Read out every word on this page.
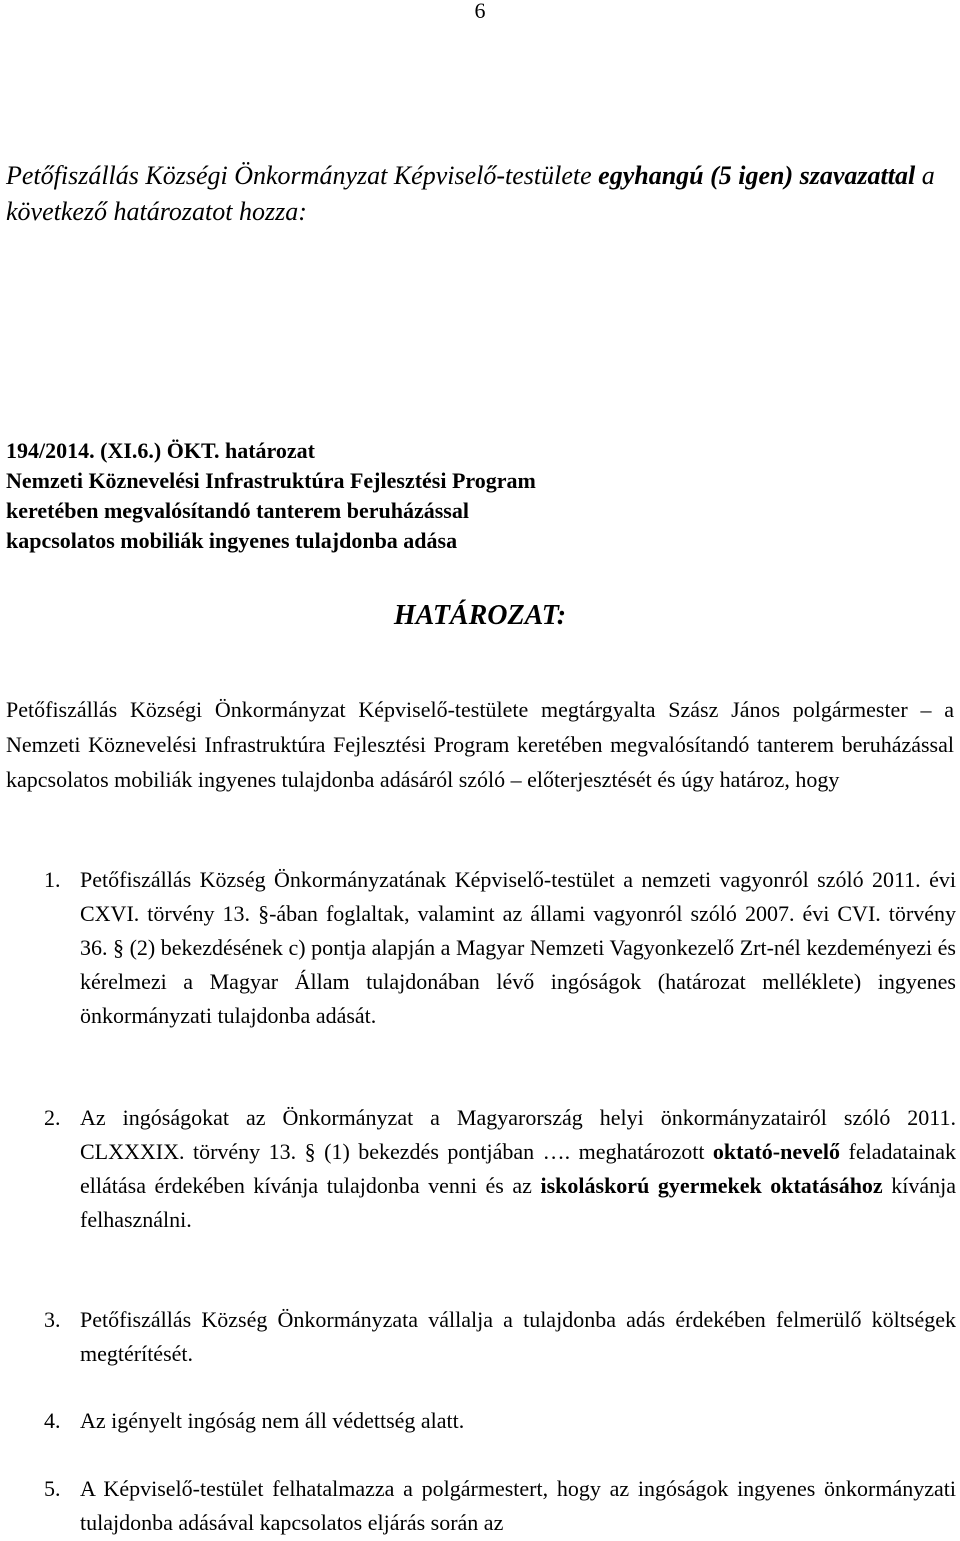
6
Petőfiszállás Községi Önkormányzat Képviselő-testülete egyhangú (5 igen) szavazattal a következő határozatot hozza:
194/2014. (XI.6.) ÖKT. határozat
Nemzeti Köznevelési Infrastruktúra Fejlesztési Program
keretében megvalósítandó tanterem beruházással
kapcsolatos mobiliák ingyenes tulajdonba adása
HATÁROZAT:
Petőfiszállás Községi Önkormányzat Képviselő-testülete megtárgyalta Szász János polgármester – a Nemzeti Köznevelési Infrastruktúra Fejlesztési Program keretében megvalósítandó tanterem beruházással kapcsolatos mobiliák ingyenes tulajdonba adásáról szóló – előterjesztését és úgy határoz, hogy
1. Petőfiszállás Község Önkormányzatának Képviselő-testület a nemzeti vagyonról szóló 2011. évi CXVI. törvény 13. §-ában foglaltak, valamint az állami vagyonról szóló 2007. évi CVI. törvény 36. § (2) bekezdésének c) pontja alapján a Magyar Nemzeti Vagyonkezelő Zrt-nél kezdeményezi és kérelmezi a Magyar Állam tulajdonában lévő ingóságok (határozat melléklete) ingyenes önkormányzati tulajdonba adását.
2. Az ingóságokat az Önkormányzat a Magyarország helyi önkormányzatairól szóló 2011. CLXXXIX. törvény 13. § (1) bekezdés pontjában …. meghatározott oktató-nevelő feladatainak ellátása érdekében kívánja tulajdonba venni és az iskoláskorú gyermekek oktatásához kívánja felhasználni.
3. Petőfiszállás Község Önkormányzata vállalja a tulajdonba adás érdekében felmerülő költségek megtérítését.
4. Az igényelt ingóság nem áll védettség alatt.
5. A Képviselő-testület felhatalmazza a polgármestert, hogy az ingóságok ingyenes önkormányzati tulajdonba adásával kapcsolatos eljárás során az
